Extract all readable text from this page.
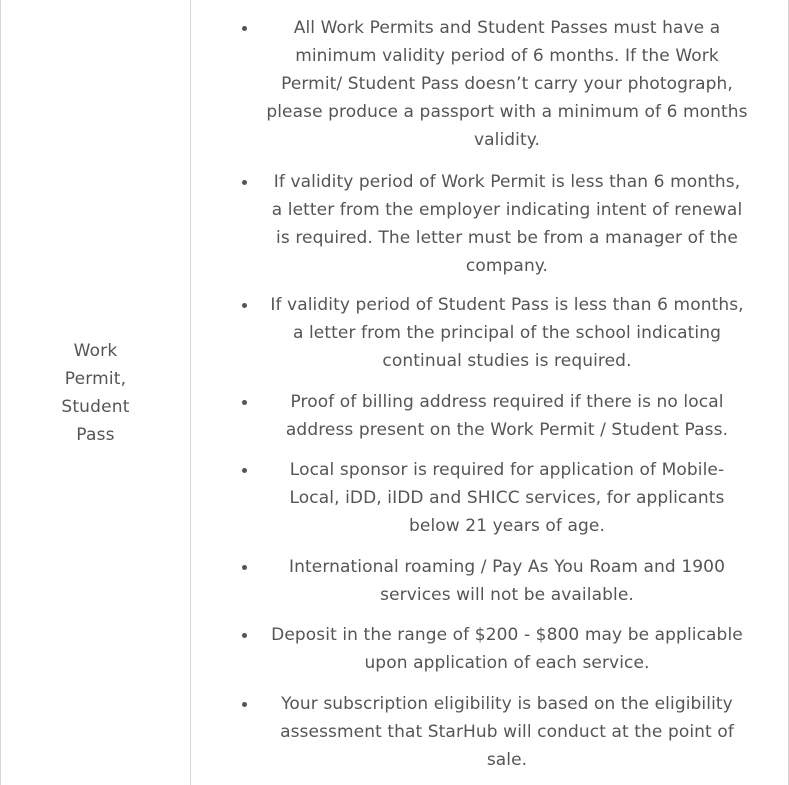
Work
Permit,
Student
Pass
All Work Permits and Student Passes must have a
minimum validity period of 6 months. If the Work
Permit/ Student Pass doesn’t carry your photograph,
please produce a passport with a minimum of 6 months
validity.
If validity period of Work Permit is less than 6 months,
a letter from the employer indicating intent of renewal
is required. The letter must be from a manager of the
company.
If validity period of Student Pass is less than 6 months,
a letter from the principal of the school indicating
continual studies is required.
Proof of billing address required if there is no local
address present on the Work Permit / Student Pass.
Local sponsor is required for application of Mobile-
Local, iDD, iIDD and SHICC services, for applicants
below 21 years of age.
International roaming / Pay As You Roam and 1900
services will not be available.
Deposit in the range of $200 - $800 may be applicable
upon application of each service.
Your subscription eligibility is based on the eligibility
assessment that StarHub will conduct at the point of
sale.
